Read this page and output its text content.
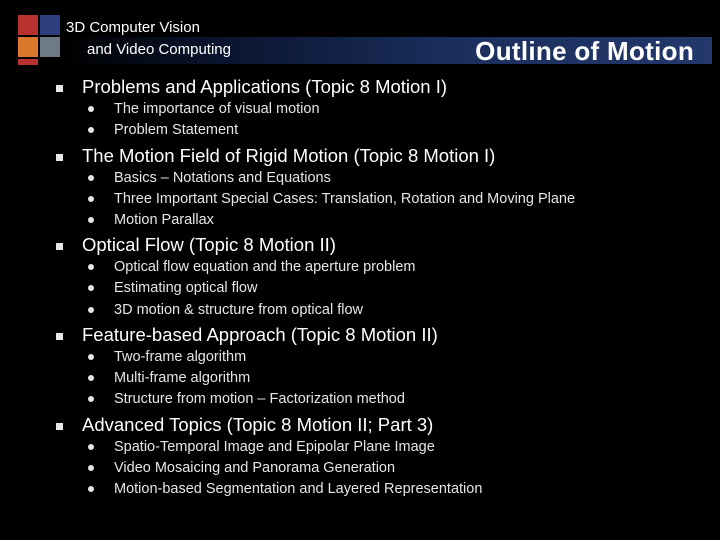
3D Computer Vision
and Video Computing	Outline of Motion
Problems and Applications (Topic 8 Motion I)
The importance of visual motion
Problem Statement
The Motion Field of Rigid Motion (Topic 8 Motion I)
Basics – Notations and Equations
Three Important Special Cases: Translation, Rotation and Moving Plane
Motion Parallax
Optical Flow (Topic 8 Motion II)
Optical flow equation and the aperture problem
Estimating optical flow
3D motion & structure from optical flow
Feature-based Approach (Topic 8 Motion II)
Two-frame algorithm
Multi-frame algorithm
Structure from motion – Factorization method
Advanced Topics (Topic 8 Motion II; Part 3)
Spatio-Temporal Image and Epipolar Plane Image
Video Mosaicing and Panorama Generation
Motion-based Segmentation and Layered Representation
